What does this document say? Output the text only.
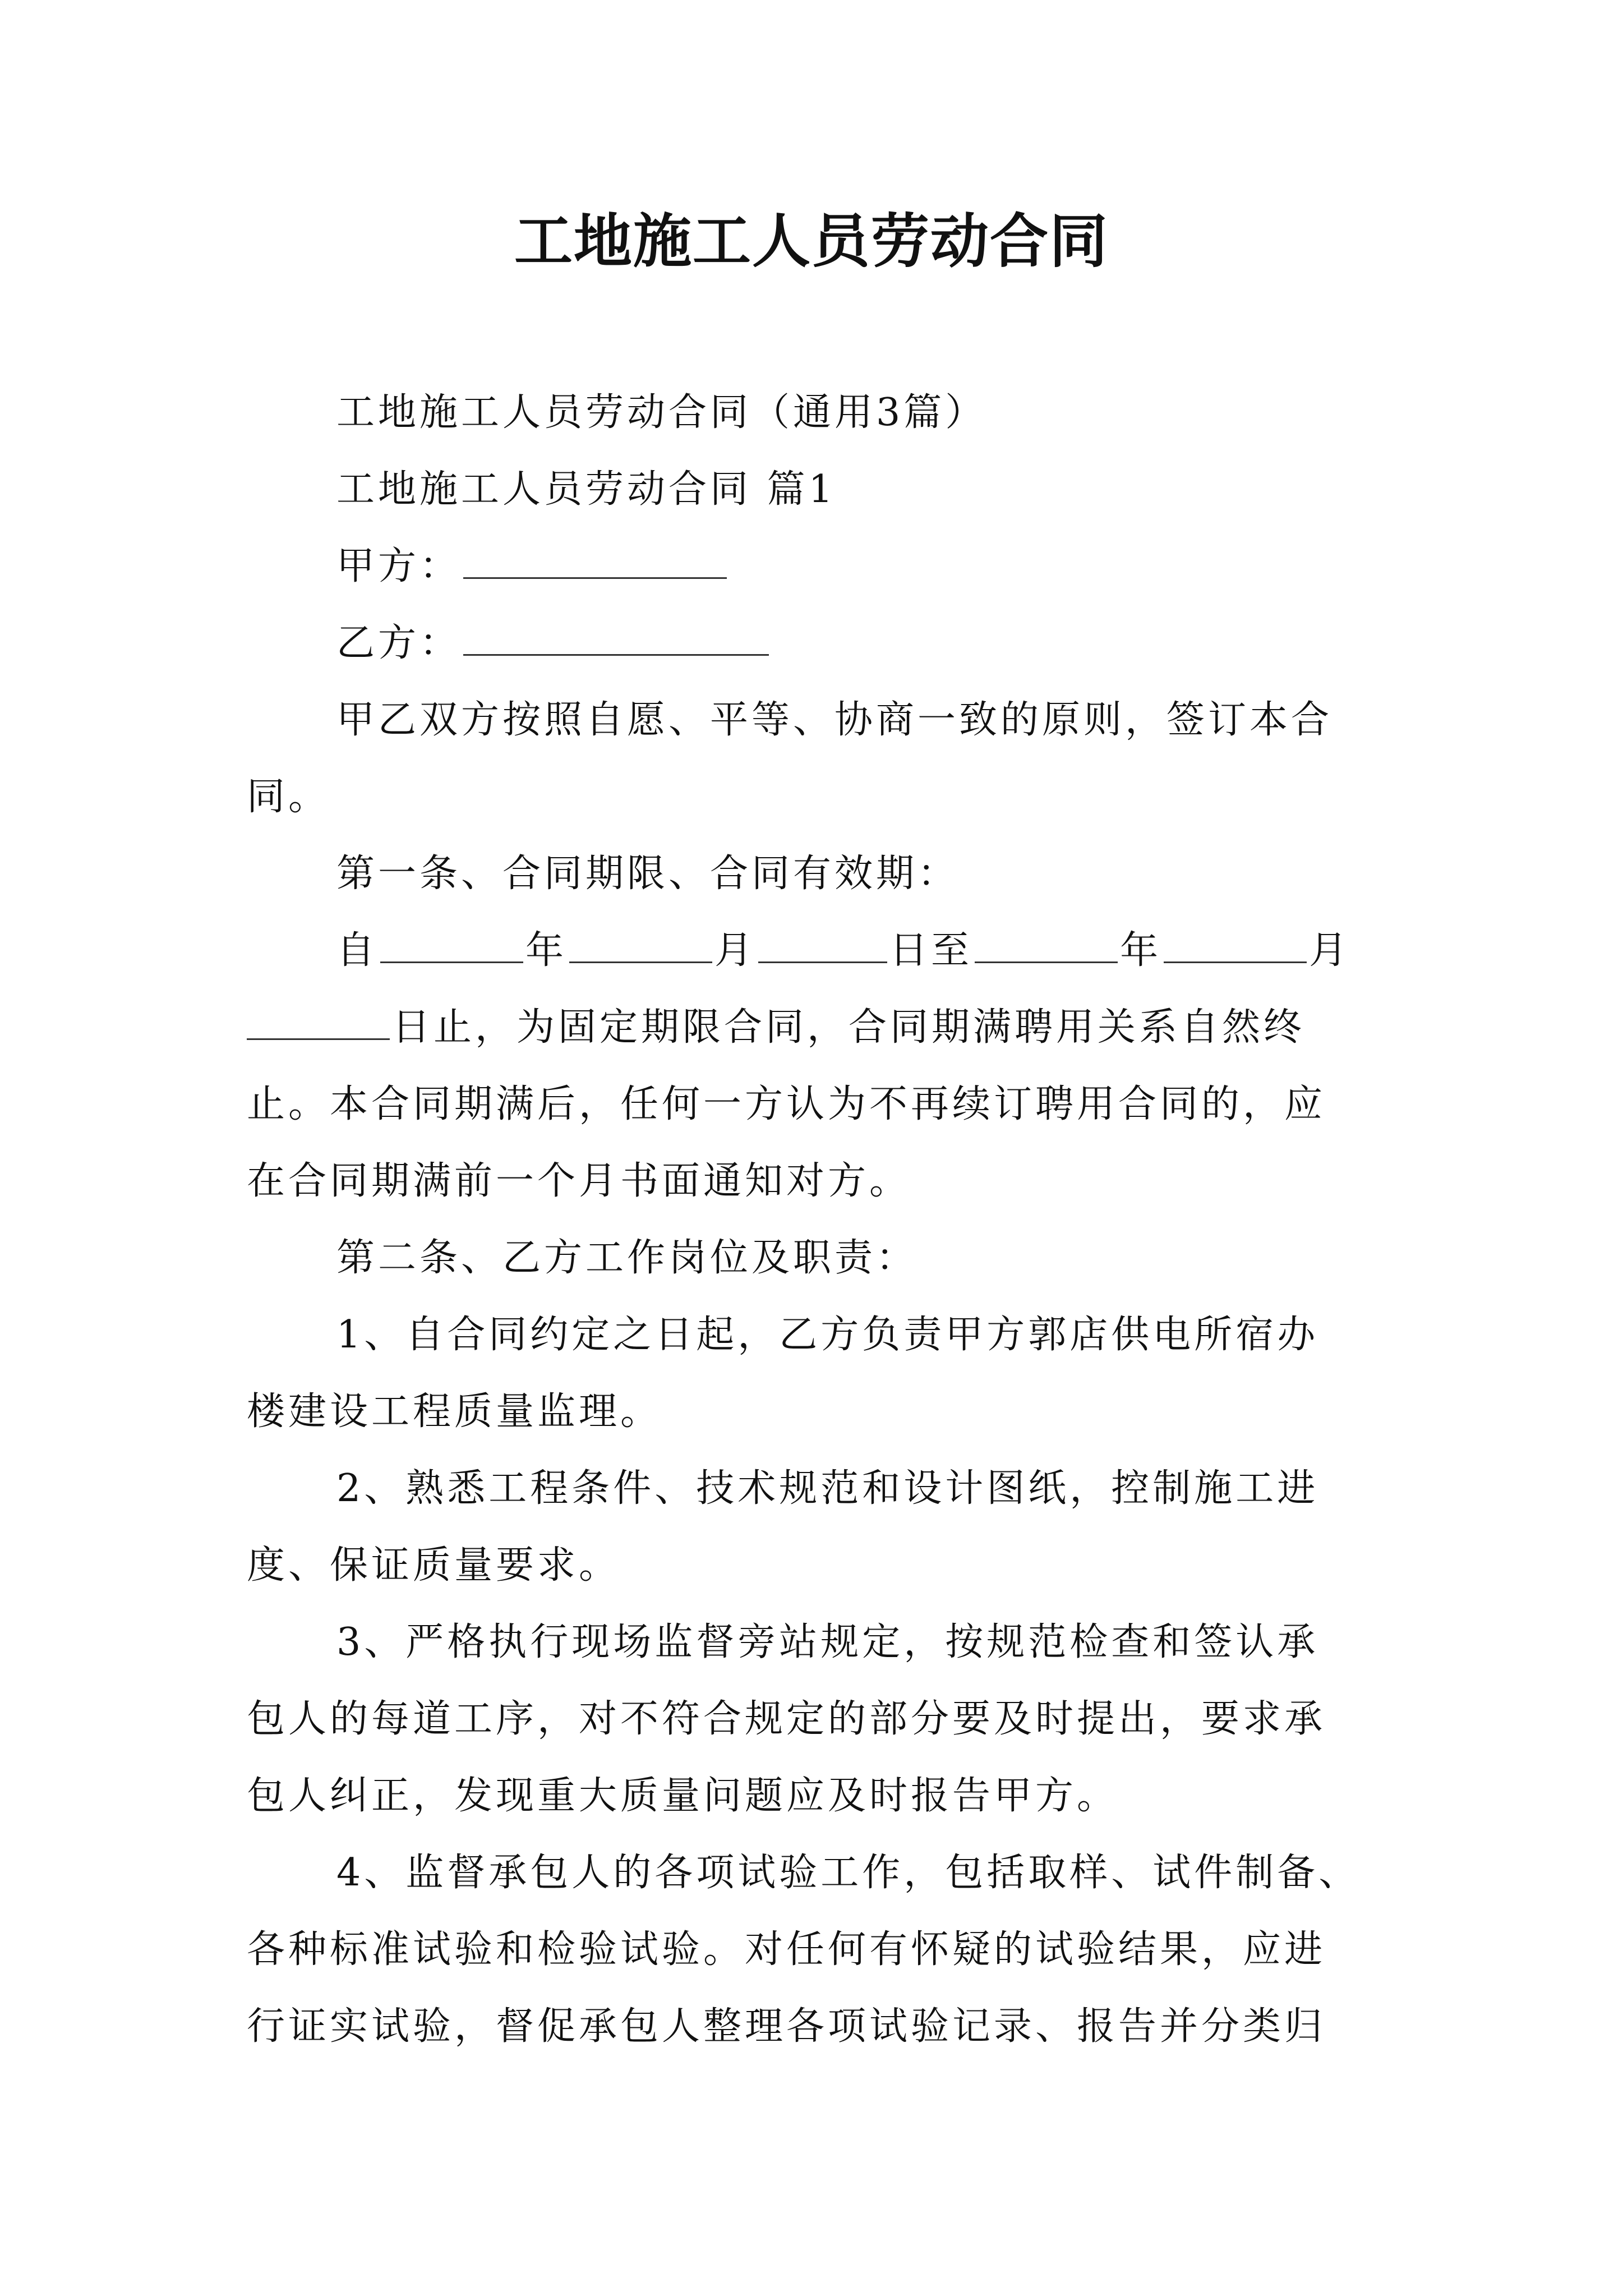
工地施工人员劳动合同
工地施工人员劳动合同（通用3篇）
工地施工人员劳动合同 篇1
甲方：
乙方：
甲乙双方按照自愿、平等、协商一致的原则，签订本合
同。
第一条、合同期限、合同有效期：
自	年	月	日至	年	月
日止，为固定期限合同，合同期满聘用关系自然终
止。本合同期满后，任何一方认为不再续订聘用合同的，应
在合同期满前一个月书面通知对方。
第二条、乙方工作岗位及职责：
1、自合同约定之日起，乙方负责甲方郭店供电所宿办
楼建设工程质量监理。
2、熟悉工程条件、技术规范和设计图纸，控制施工进
度、保证质量要求。
3、严格执行现场监督旁站规定，按规范检查和签认承
包人的每道工序，对不符合规定的部分要及时提出，要求承
包人纠正，发现重大质量问题应及时报告甲方。
4、监督承包人的各项试验工作，包括取样、试件制备、
各种标准试验和检验试验。对任何有怀疑的试验结果，应进
行证实试验，督促承包人整理各项试验记录、报告并分类归
